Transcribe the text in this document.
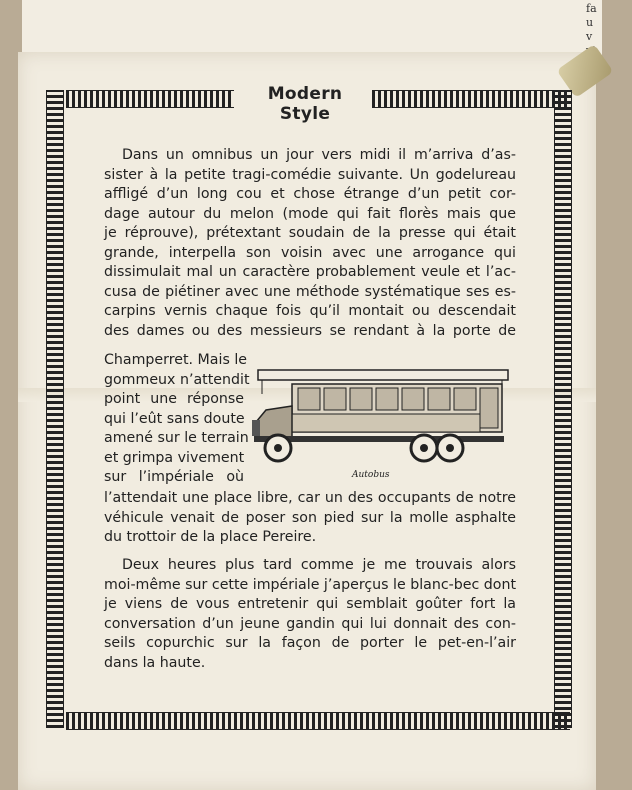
fa
u
v
Modern Style
Dans un omnibus un jour vers midi il m’arriva d’as-
sister à la petite tragi-comédie suivante. Un godelureau
affligé d’un long cou et chose étrange d’un petit cor-
dage autour du melon (mode qui fait florès mais que
je réprouve), prétextant soudain de la presse qui était
grande, interpella son voisin avec une arrogance qui
dissimulait mal un caractère probablement veule et l’ac-
cusa de piétiner avec une méthode systématique ses es-
carpins vernis chaque fois qu’il montait ou descendait
des dames ou des messieurs se rendant à la porte de
Champerret. Mais le
gommeux n’attendit
point une réponse
qui l’eût sans doute
amené sur le terrain
et grimpa vivement
sur l’impériale où	Autobus
l’attendait une place libre, car un des occupants de notre
véhicule venait de poser son pied sur la molle asphalte
du trottoir de la place Pereire.
Deux heures plus tard comme je me trouvais alors
moi-même sur cette impériale j’aperçus le blanc-bec dont
je viens de vous entretenir qui semblait goûter fort la
conversation d’un jeune gandin qui lui donnait des con-
seils copurchic sur la façon de porter le pet-en-l’air
dans la haute.
